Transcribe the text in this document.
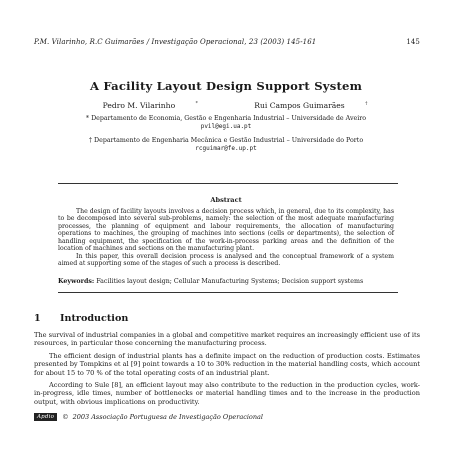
P.M. Vilarinho, R.C Guimarães / Investigação Operacional, 23 (2003) 145-161	145
A Facility Layout Design Support System
Pedro M. Vilarinho	*	Rui Campos Guimarães	†
* Departamento de Economia, Gestão e Engenharia Industrial – Universidade de Aveiro
pvil@egi.ua.pt
† Departamento de Engenharia Mecânica e Gestão Industrial – Universidade do Porto
rcguimar@fe.up.pt
Abstract

The design of facility layouts involves a decision process which, in general, due to its complexity, has to be decomposed into several sub-problems, namely: the selection of the most adequate manufacturing processes, the planning of equipment and labour requirements, the allocation of manufacturing operations to machines, the grouping of machines into sections (cells or departments), the selection of handling equipment, the specification of the work-in-process parking areas and the definition of the location of machines and sections on the manufacturing plant.

In this paper, this overall decision process is analysed and the conceptual framework of a system aimed at supporting some of the stages of such a process is described.

Keywords: Facilities layout design; Cellular Manufacturing Systems; Decision support systems
1 Introduction

The survival of industrial companies in a global and competitive market requires an increasingly efficient use of its resources, in particular those concerning the manufacturing process.

The efficient design of industrial plants has a definite impact on the reduction of production costs. Estimates presented by Tompkins et al [9] point towards a 10 to 30% reduction in the material handling costs, which account for about 15 to 70 % of the total operating costs of an industrial plant.

According to Sule [8], an efficient layout may also contribute to the reduction in the production cycles, work-in-progress, idle times, number of bottlenecks or material handling times and to the increase in the production output, with obvious implications on productivity.

Apdio	© 2003 Associação Portuguesa de Investigação Operacional
